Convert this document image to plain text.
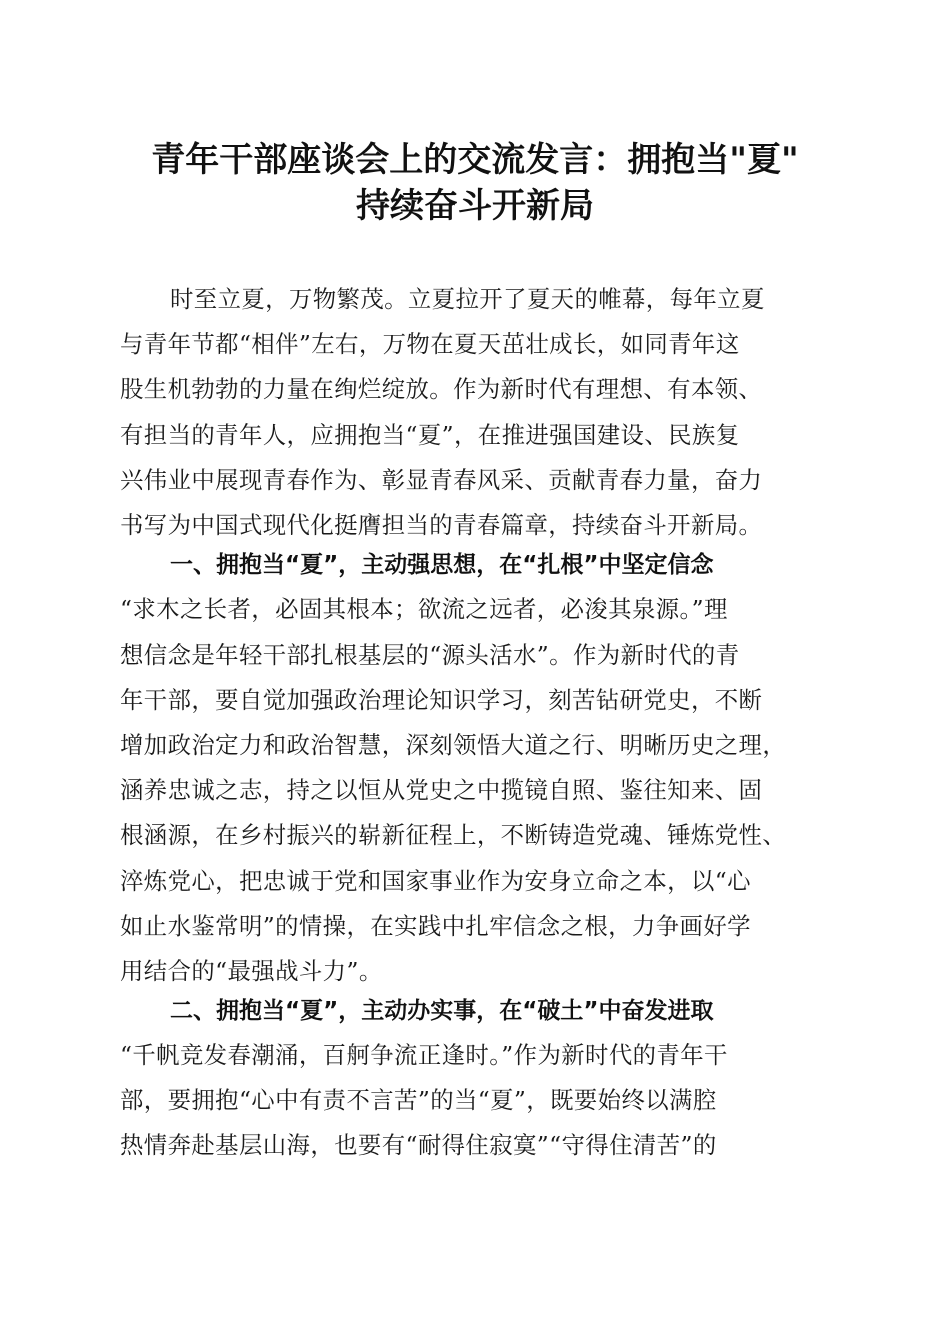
青年干部座谈会上的交流发言：拥抱当"夏"
持续奋斗开新局
时至立夏，万物繁茂。立夏拉开了夏天的帷幕，每年立夏
与青年节都“相伴”左右，万物在夏天茁壮成长，如同青年这
股生机勃勃的力量在绚烂绽放。作为新时代有理想、有本领、
有担当的青年人，应拥抱当“夏”，在推进强国建设、民族复
兴伟业中展现青春作为、彰显青春风采、贡献青春力量，奋力
书写为中国式现代化挺膺担当的青春篇章，持续奋斗开新局。
一、拥抱当“夏”，主动强思想，在“扎根”中坚定信念
“求木之长者，必固其根本；欲流之远者，必浚其泉源。”理
想信念是年轻干部扎根基层的“源头活水”。作为新时代的青
年干部，要自觉加强政治理论知识学习，刻苦钻研党史，不断
增加政治定力和政治智慧，深刻领悟大道之行、明晰历史之理，
涵养忠诚之志，持之以恒从党史之中揽镜自照、鉴往知来、固
根涵源，在乡村振兴的崭新征程上，不断铸造党魂、锤炼党性、
淬炼党心，把忠诚于党和国家事业作为安身立命之本，以“心
如止水鉴常明”的情操，在实践中扎牢信念之根，力争画好学
用结合的“最强战斗力”。
二、拥抱当“夏”，主动办实事，在“破土”中奋发进取
“千帆竞发春潮涌，百舸争流正逢时。”作为新时代的青年干
部，要拥抱“心中有责不言苦”的当“夏”，既要始终以满腔
热情奔赴基层山海，也要有“耐得住寂寞”“守得住清苦”的
